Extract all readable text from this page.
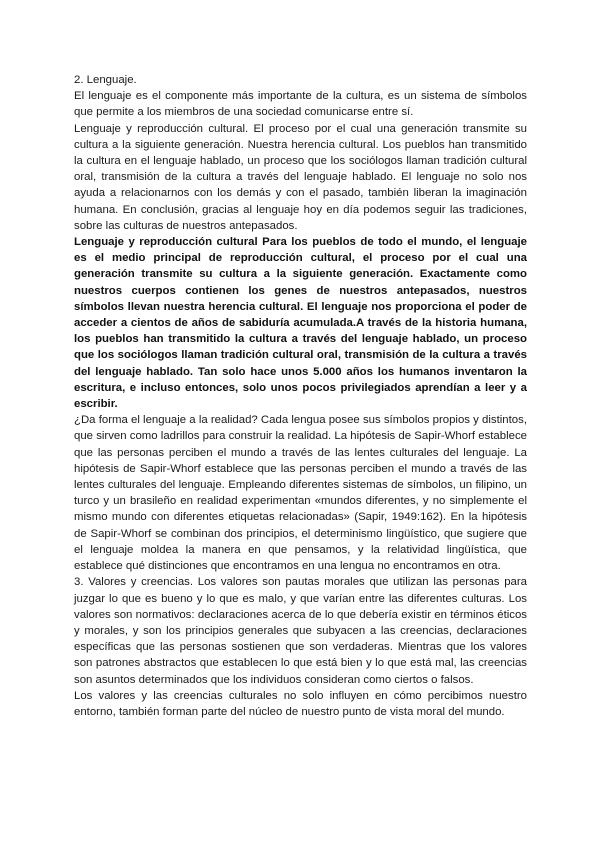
2. Lenguaje.

El lenguaje es el componente más importante de la cultura, es un sistema de símbolos que permite a los miembros de una sociedad comunicarse entre sí.

Lenguaje y reproducción cultural. El proceso por el cual una generación transmite su cultura a la siguiente generación. Nuestra herencia cultural. Los pueblos han transmitido la cultura en el lenguaje hablado, un proceso que los sociólogos llaman tradición cultural oral, transmisión de la cultura a través del lenguaje hablado. El lenguaje no solo nos ayuda a relacionarnos con los demás y con el pasado, también liberan la imaginación humana. En conclusión, gracias al lenguaje hoy en día podemos seguir las tradiciones, sobre las culturas de nuestros antepasados.

Lenguaje y reproducción cultural Para los pueblos de todo el mundo, el lenguaje es el medio principal de reproducción cultural, el proceso por el cual una generación transmite su cultura a la siguiente generación. Exactamente como nuestros cuerpos contienen los genes de nuestros antepasados, nuestros símbolos llevan nuestra herencia cultural. El lenguaje nos proporciona el poder de acceder a cientos de años de sabiduría acumulada.A través de la historia humana, los pueblos han transmitido la cultura a través del lenguaje hablado, un proceso que los sociólogos llaman tradición cultural oral, transmisión de la cultura a través del lenguaje hablado. Tan solo hace unos 5.000 años los humanos inventaron la escritura, e incluso entonces, solo unos pocos privilegiados aprendían a leer y a escribir.

¿Da forma el lenguaje a la realidad? Cada lengua posee sus símbolos propios y distintos, que sirven como ladrillos para construir la realidad. La hipótesis de Sapir-Whorf establece que las personas perciben el mundo a través de las lentes culturales del lenguaje. La hipótesis de Sapir-Whorf establece que las personas perciben el mundo a través de las lentes culturales del lenguaje. Empleando diferentes sistemas de símbolos, un filipino, un turco y un brasileño en realidad experimentan «mundos diferentes, y no simplemente el mismo mundo con diferentes etiquetas relacionadas» (Sapir, 1949:162). En la hipótesis de Sapir-Whorf se combinan dos principios, el determinismo lingüístico, que sugiere que el lenguaje moldea la manera en que pensamos, y la relatividad lingüística, que establece qué distinciones que encontramos en una lengua no encontramos en otra.

3. Valores y creencias. Los valores son pautas morales que utilizan las personas para juzgar lo que es bueno y lo que es malo, y que varían entre las diferentes culturas. Los valores son normativos: declaraciones acerca de lo que debería existir en términos éticos y morales, y son los principios generales que subyacen a las creencias, declaraciones específicas que las personas sostienen que son verdaderas. Mientras que los valores son patrones abstractos que establecen lo que está bien y lo que está mal, las creencias son asuntos determinados que los individuos consideran como ciertos o falsos.

Los valores y las creencias culturales no solo influyen en cómo percibimos nuestro entorno, también forman parte del núcleo de nuestro punto de vista moral del mundo.
